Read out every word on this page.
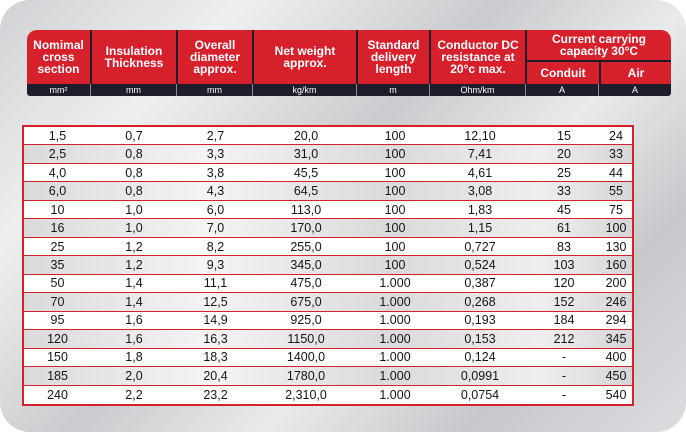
Nomimal cross section
Insulation Thickness
Overall diameter approx.
Net weight approx.
Standard delivery length
Conductor DC resistance at 20°c max.
Current carrying capacity 30°C
Conduit	Air
mm²	mm	mm	kg/km	m	Ohm/km	A	A
1,5	0,7	2,7	20,0	100	12,10	15	24
2,5	0,8	3,3	31,0	100	7,41	20	33
4,0	0,8	3,8	45,5	100	4,61	25	44
6,0	0,8	4,3	64,5	100	3,08	33	55
10	1,0	6,0	113,0	100	1,83	45	75
16	1,0	7,0	170,0	100	1,15	61	100
25	1,2	8,2	255,0	100	0,727	83	130
35	1,2	9,3	345,0	100	0,524	103	160
50	1,4	11,1	475,0	1.000	0,387	120	200
70	1,4	12,5	675,0	1.000	0,268	152	246
95	1,6	14,9	925,0	1.000	0,193	184	294
120	1,6	16,3	1150,0	1.000	0,153	212	345
150	1,8	18,3	1400,0	1.000	0,124	-	400
185	2,0	20,4	1780,0	1.000	0,0991	-	450
240	2,2	23,2	2,310,0	1.000	0,0754	-	540
